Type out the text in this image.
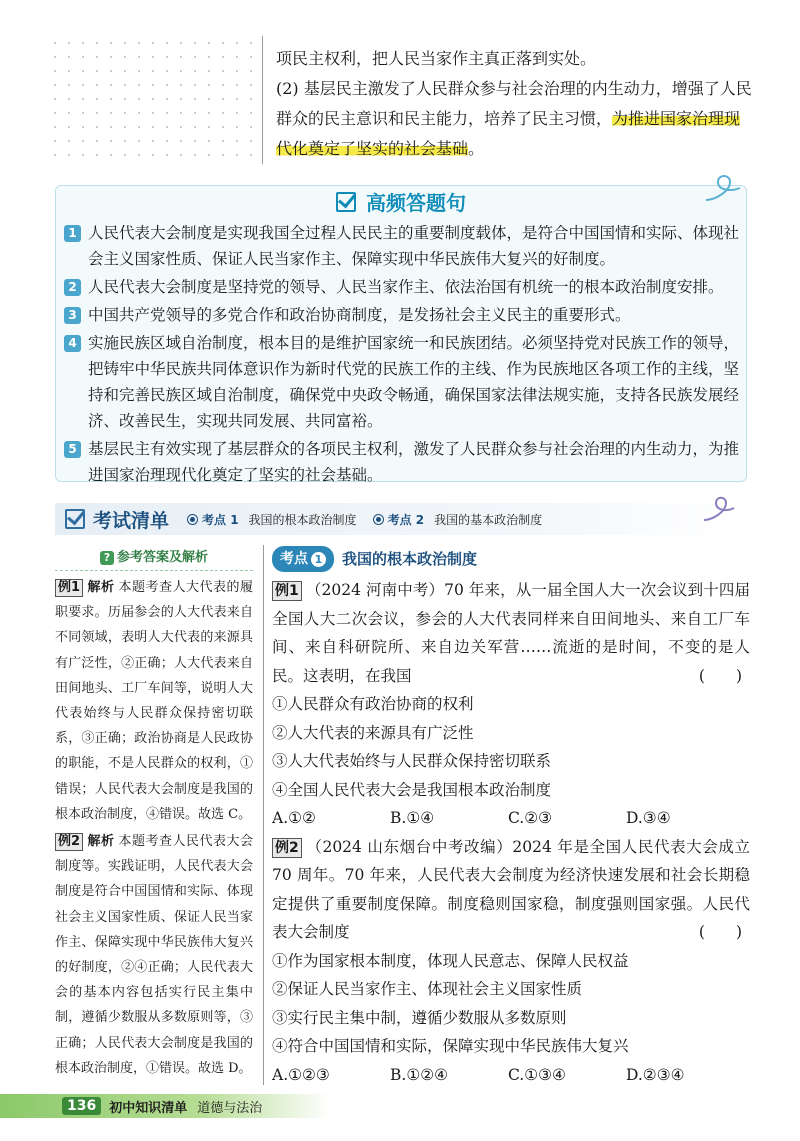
项民主权利，把人民当家作主真正落到实处。

(2) 基层民主激发了人民群众参与社会治理的内生动力，增强了人民群众的民主意识和民主能力，培养了民主习惯，为推进国家治理现代化奠定了坚实的社会基础。

高频答题句
1 人民代表大会制度是实现我国全过程人民民主的重要制度载体，是符合中国国情和实际、体现社会主义国家性质、保证人民当家作主、保障实现中华民族伟大复兴的好制度。
2 人民代表大会制度是坚持党的领导、人民当家作主、依法治国有机统一的根本政治制度安排。
3 中国共产党领导的多党合作和政治协商制度，是发扬社会主义民主的重要形式。
4 实施民族区域自治制度，根本目的是维护国家统一和民族团结。必须坚持党对民族工作的领导，把铸牢中华民族共同体意识作为新时代党的民族工作的主线、作为民族地区各项工作的主线，坚持和完善民族区域自治制度，确保党中央政令畅通，确保国家法律法规实施，支持各民族发展经济、改善民生，实现共同发展、共同富裕。
5 基层民主有效实现了基层群众的各项民主权利，激发了人民群众参与社会治理的内生动力，为推进国家治理现代化奠定了坚实的社会基础。
考试清单	考点 1 我国的根本政治制度	考点 2 我国的基本政治制度
? 参考答案及解析
例1 解析 本题考查人大代表的履职要求。历届参会的人大代表来自不同领域，表明人大代表的来源具有广泛性，②正确；人大代表来自田间地头、工厂车间等，说明人大代表始终与人民群众保持密切联系，③正确；政治协商是人民政协的职能，不是人民群众的权利，①错误；人民代表大会制度是我国的根本政治制度，④错误。故选 C。
例2 解析 本题考查人民代表大会制度等。实践证明，人民代表大会制度是符合中国国情和实际、体现社会主义国家性质、保证人民当家作主、保障实现中华民族伟大复兴的好制度，②④正确；人民代表大会的基本内容包括实行民主集中制，遵循少数服从多数原则等，③正确；人民代表大会制度是我国的根本政治制度，①错误。故选 D。
考点 1 我国的根本政治制度

例1 （2024 河南中考）70 年来，从一届全国人大一次会议到十四届全国人大二次会议，参会的人大代表同样来自田间地头、来自工厂车间、来自科研院所、来自边关军营……流逝的是时间，不变的是人民。这表明，在我国	(　　)

①人民群众有政治协商的权利

②人大代表的来源具有广泛性

③人大代表始终与人民群众保持密切联系

④全国人民代表大会是我国根本政治制度

A.①②	B.①④	C.②③	D.③④

例2 （2024 山东烟台中考改编）2024 年是全国人民代表大会成立 70 周年。70 年来，人民代表大会制度为经济快速发展和社会长期稳定提供了重要制度保障。制度稳则国家稳，制度强则国家强。人民代表大会制度	(　　)

①作为国家根本制度，体现人民意志、保障人民权益

②保证人民当家作主、体现社会主义国家性质

③实行民主集中制，遵循少数服从多数原则

④符合中国国情和实际，保障实现中华民族伟大复兴

A.①②③	B.①②④	C.①③④	D.②③④
136	初中知识清单 道德与法治
